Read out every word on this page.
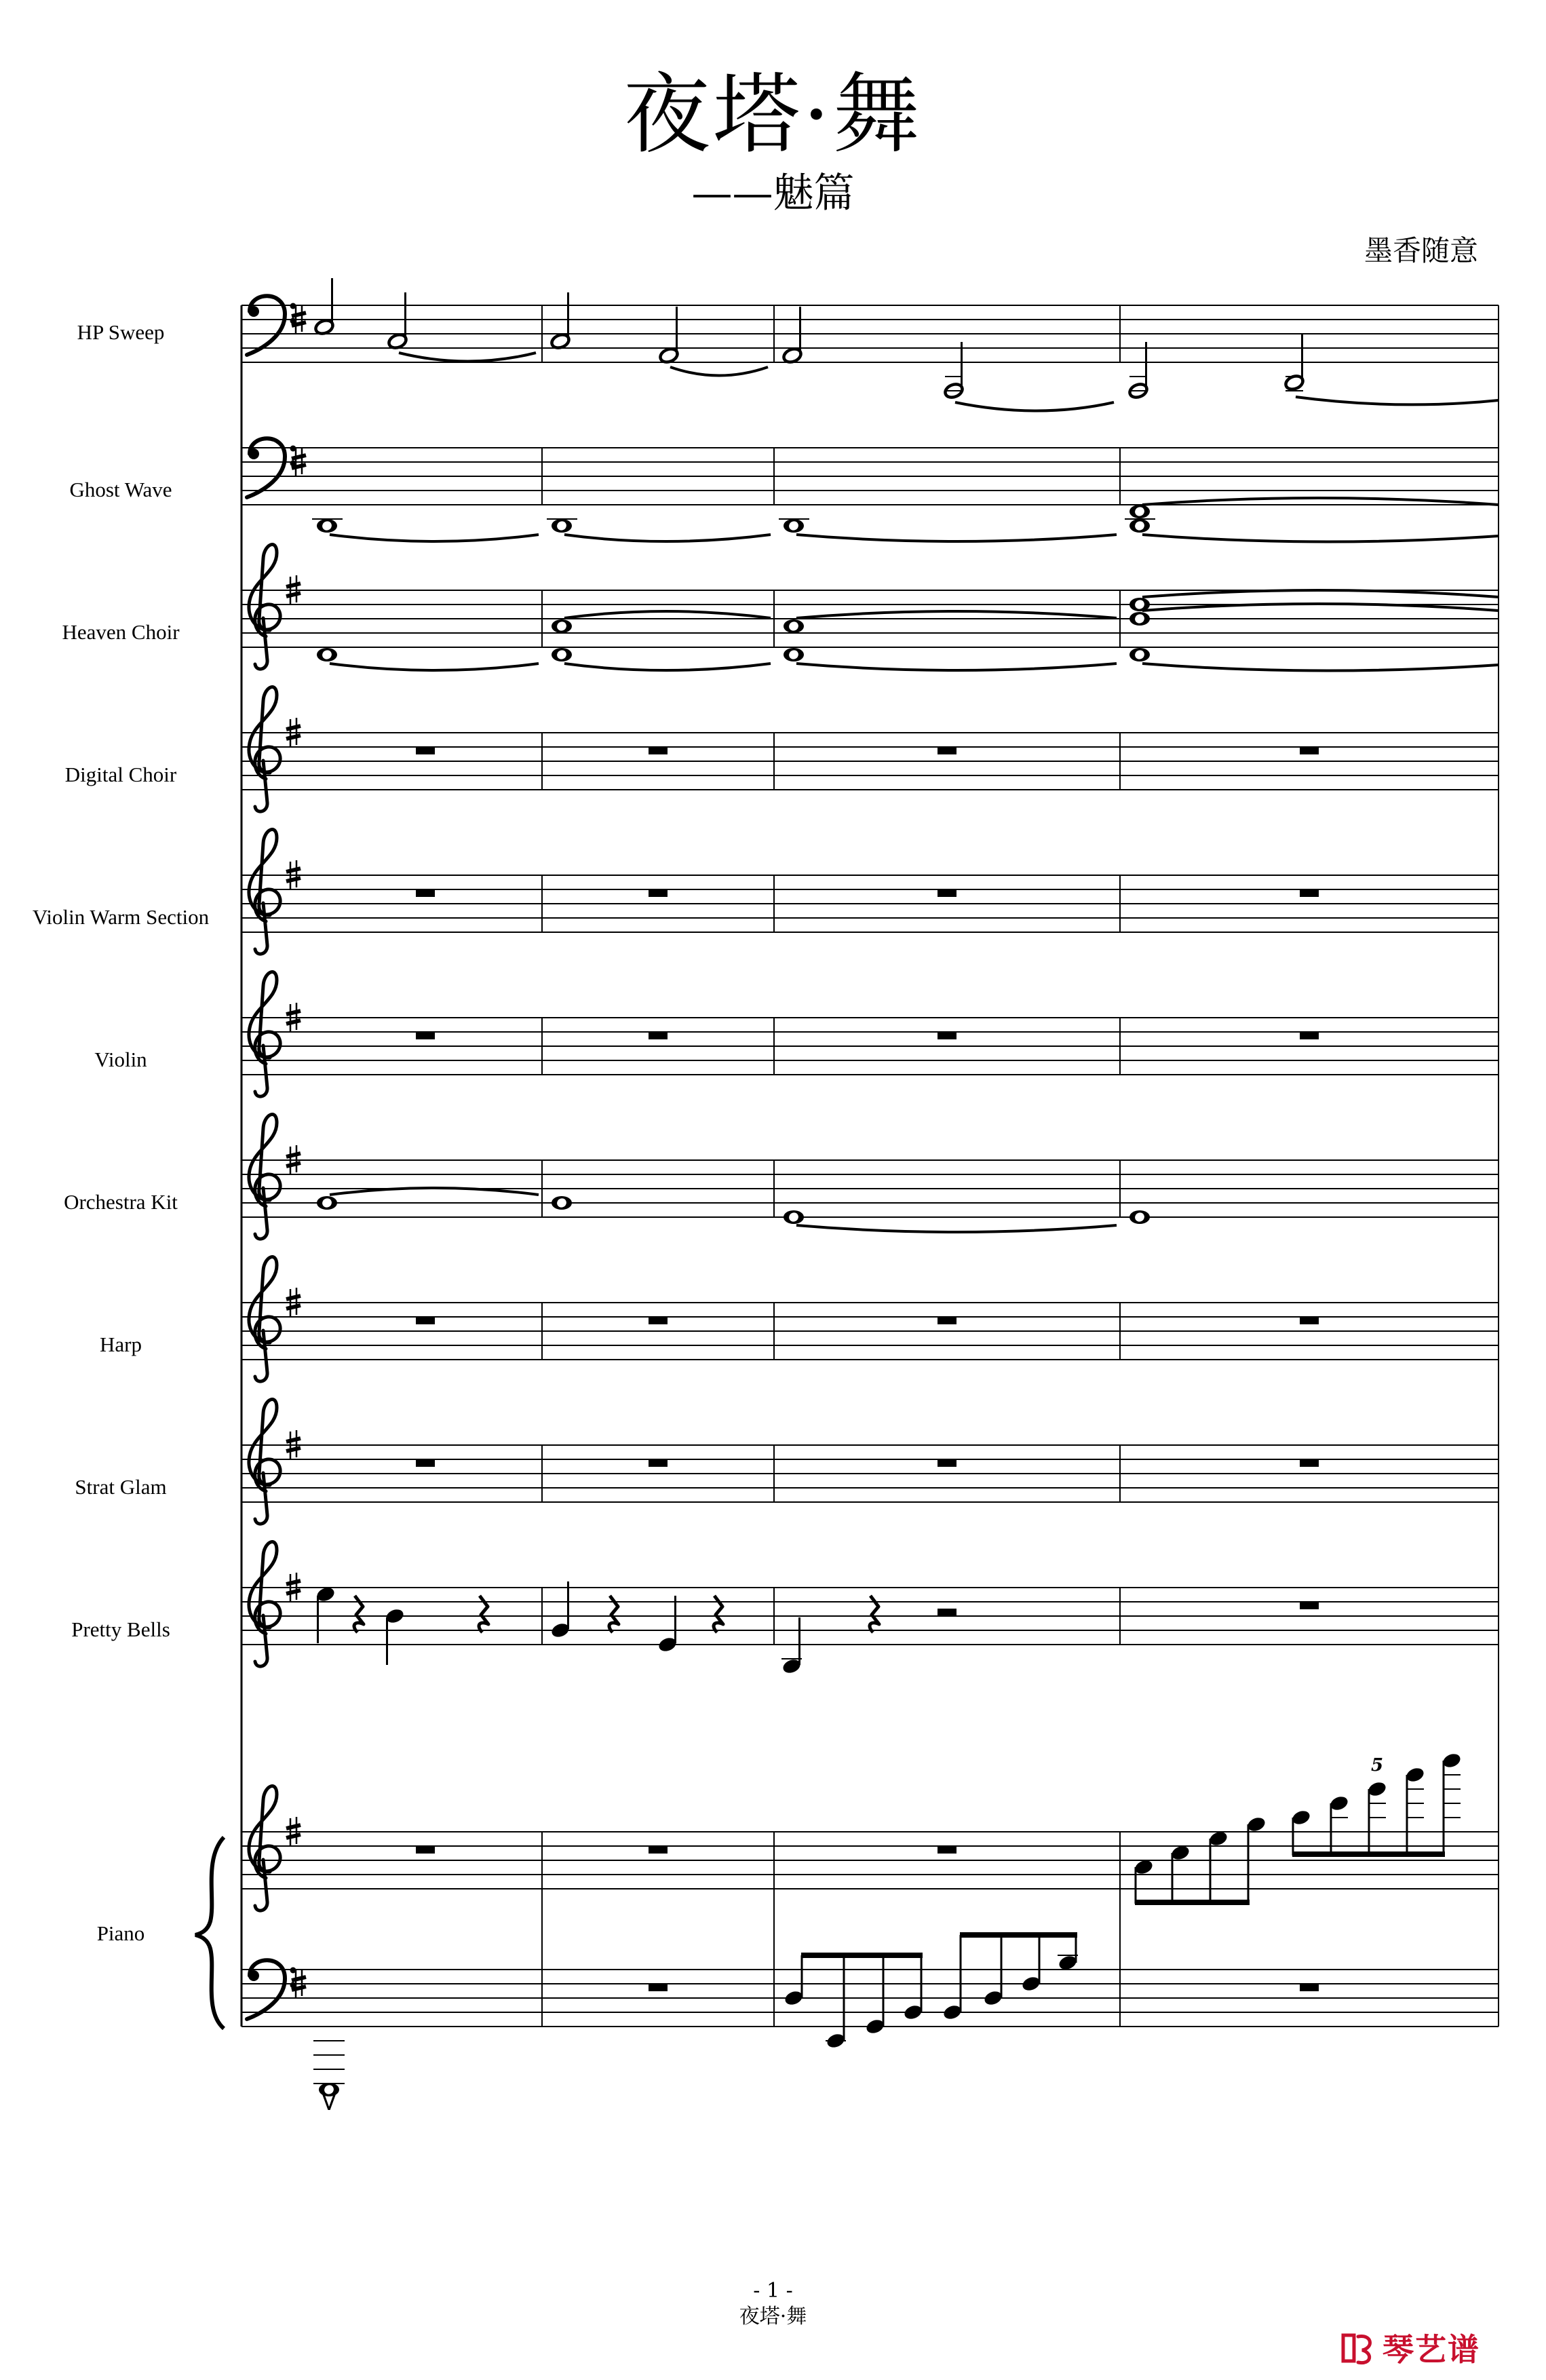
夜塔·舞
——魅篇
墨香随意
HP Sweep
Ghost Wave
Heaven Choir
Digital Choir
Violin Warm Section
Violin
Orchestra Kit
Harp
Strat Glam
Pretty Bells
Piano
5
>
- 1 -
夜塔·舞
琴艺谱
